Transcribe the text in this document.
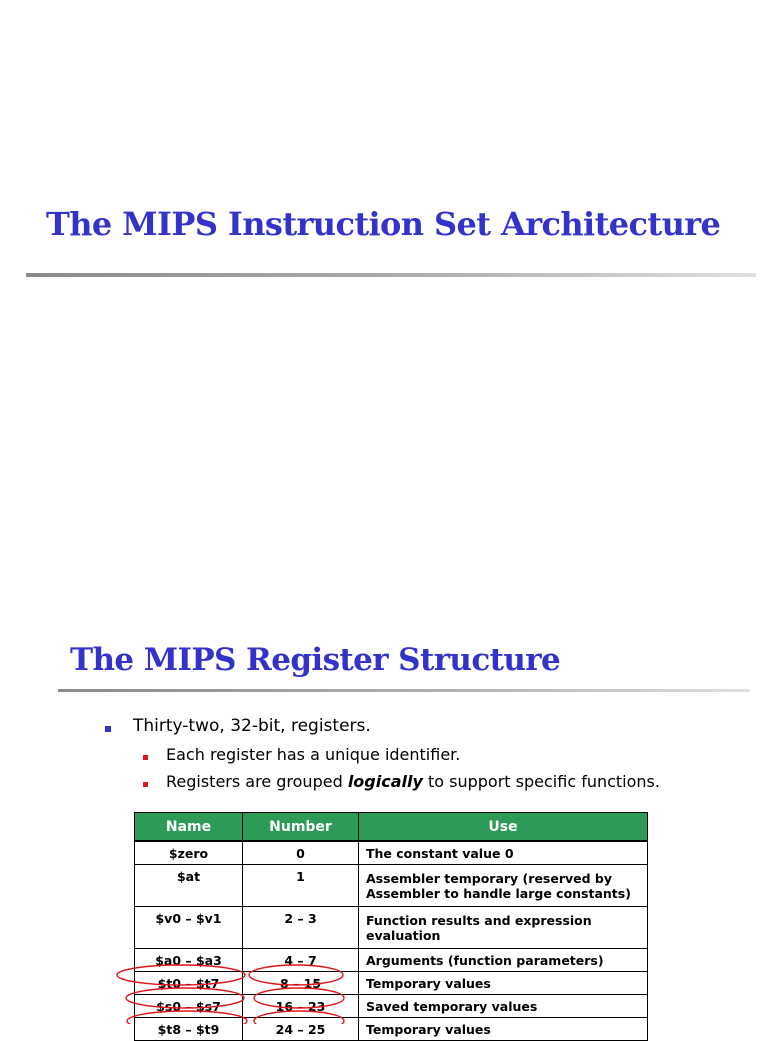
The MIPS Instruction Set Architecture
The MIPS Register Structure
Thirty-two, 32-bit, registers.
Each register has a unique identifier.
Registers are grouped logically to support specific functions.
Name	Number	Use
$zero	0	The constant value 0
$at	1	Assembler temporary (reserved by Assembler to handle large constants)
$v0 – $v1	2 – 3	Function results and expression evaluation
$a0 – $a3	4 – 7	Arguments (function parameters)
$t0 – $t7	8 – 15	Temporary values
$s0 – $s7	16 – 23	Saved temporary values
$t8 – $t9	24 – 25	Temporary values
